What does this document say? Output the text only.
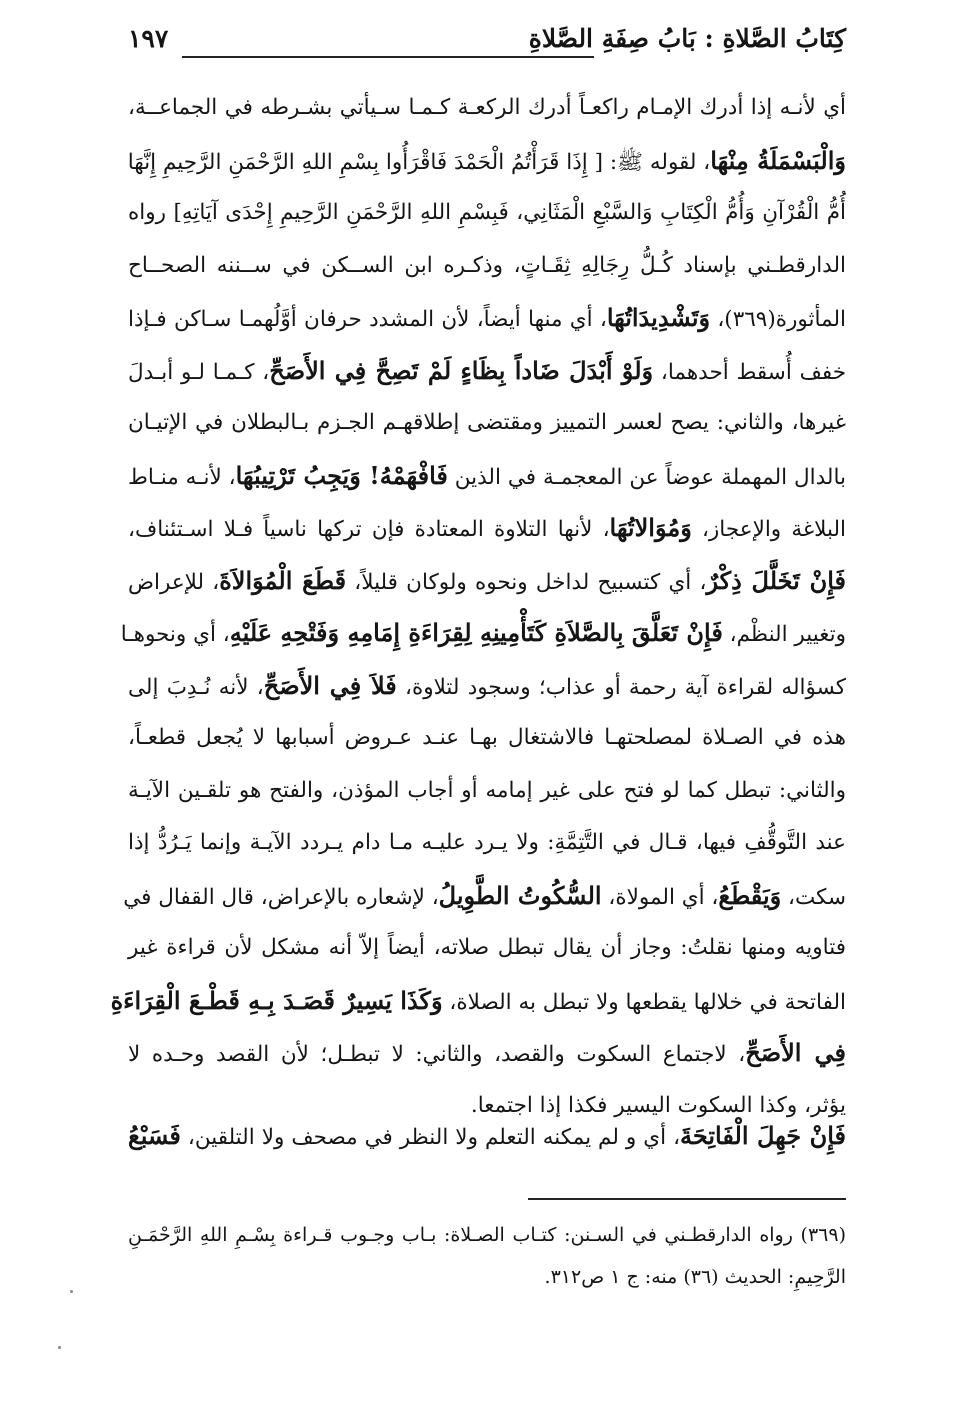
كِتَابُ الصَّلاةِ : بَابُ صِفَةِ الصَّلاةِ
١٩٧
أي لأنـه إذا أدرك الإمـام راكعـاً أدرك الركعـة كـمـا سـيأتي بشـرطه في الجماعــة،
وَالْبَسْمَلَةُ مِنْهَا، لقوله ﷺ: [ إِذَا قَرَأْتُمُ الْحَمْدَ فَاقْرَأُوا بِسْمِ اللهِ الرَّحْمَنِ الرَّحِيمِ إِنَّهَا
أُمُّ الْقُرْآنِ وَأُمُّ الْكِتَابِ وَالسَّبْعِ الْمَثَانِي، فَبِسْمِ اللهِ الرَّحْمَنِ الرَّحِيمِ إِحْدَى آيَاتِهِ] رواه
الدارقطـني بإسناد كُـلُّ رِجَالِهِ ثِقَـاتٍ، وذكـره ابن الســكن في ســننه الصحــاح
المأثورة(٣٦٩)، وَتَشْدِيدَاتُهَا، أي منها أيضاً، لأن المشدد حرفان أوَّلُهمـا سـاكن فـإذا
خفف أُسقط أحدهما، وَلَوْ أَبْدَلَ ضَاداً بِظَاءٍ لَمْ تَصِحَّ فِي الأَصَحِّ، كـمـا لـو أبـدلَ
غيرها، والثاني: يصح لعسر التمييز ومقتضى إطلاقهـم الجـزم بـالبطلان في الإتيـان
بالدال المهملة عوضاً عن المعجمـة في الذين فَافْهَمْهُ! وَيَجِبُ تَرْتِيبُهَا، لأنـه منـاط
البلاغة والإعجاز، وَمُوَالاتُهَا، لأنها التلاوة المعتادة فإن تركها ناسياً فـلا اسـتئناف،
فَإِنْ تَخَلَّلَ ذِكْرٌ، أي كتسبيح لداخل ونحوه ولوكان قليلاً، قَطَعَ الْمُوَالاَةَ، للإعراض
وتغيير النظْم، فَإِنْ تَعَلَّقَ بِالصَّلاَةِ كَتَأْمِينِهِ لِقِرَاءَةِ إِمَامِهِ وَفَتْحِهِ عَلَيْهِ، أي ونحوهـا
كسؤاله لقراءة آية رحمة أو عذاب؛ وسجود لتلاوة، فَلاَ فِي الأَصَحِّ، لأنه نُـدِبَ إلى
هذه في الصـلاة لمصلحتهـا فالاشتغال بهـا عنـد عـروض أسبابها لا يُجعل قطعـاً،
والثاني: تبطل كما لو فتح على غير إمامه أو أجاب المؤذن، والفتح هو تلقـين الآيـة
عند التَّوقُّفِ فيها، قـال في التَّتِمَّةِ: ولا يـرد عليـه مـا دام يـردد الآيـة وإنما يَـرُدُّ إذا
سكت، وَيَقْطَعُ، أي المولاة، السُّكُوتُ الطَّوِيلُ، لإشعاره بالإعراض، قال القفال في
فتاويه ومنها نقلتُ: وجاز أن يقال تبطل صلاته، أيضاً إلاّ أنه مشكل لأن قراءة غير
الفاتحة في خلالها يقطعها ولا تبطل به الصلاة، وَكَذَا يَسِيرٌ قَصَـدَ بِـهِ قَطْـعَ الْقِرَاءَةِ
فِي الأَصَحِّ، لاجتماع السكوت والقصد، والثاني: لا تبطـل؛ لأن القصد وحـده لا
يؤثر، وكذا السكوت اليسير فكذا إذا اجتمعا.
فَإِنْ جَهِلَ الْفَاتِحَةَ، أي و لم يمكنه التعلم ولا النظر في مصحف ولا التلقين، فَسَبْعُ
(٣٦٩) رواه الدارقطـني في السـنن: كتـاب الصـلاة: بـاب وجـوب قـراءة بِسْـمِ اللهِ الرَّحْمَـنِ
الرَّحِيمِ: الحديث (٣٦) منه: ج ١ ص٣١٢.
